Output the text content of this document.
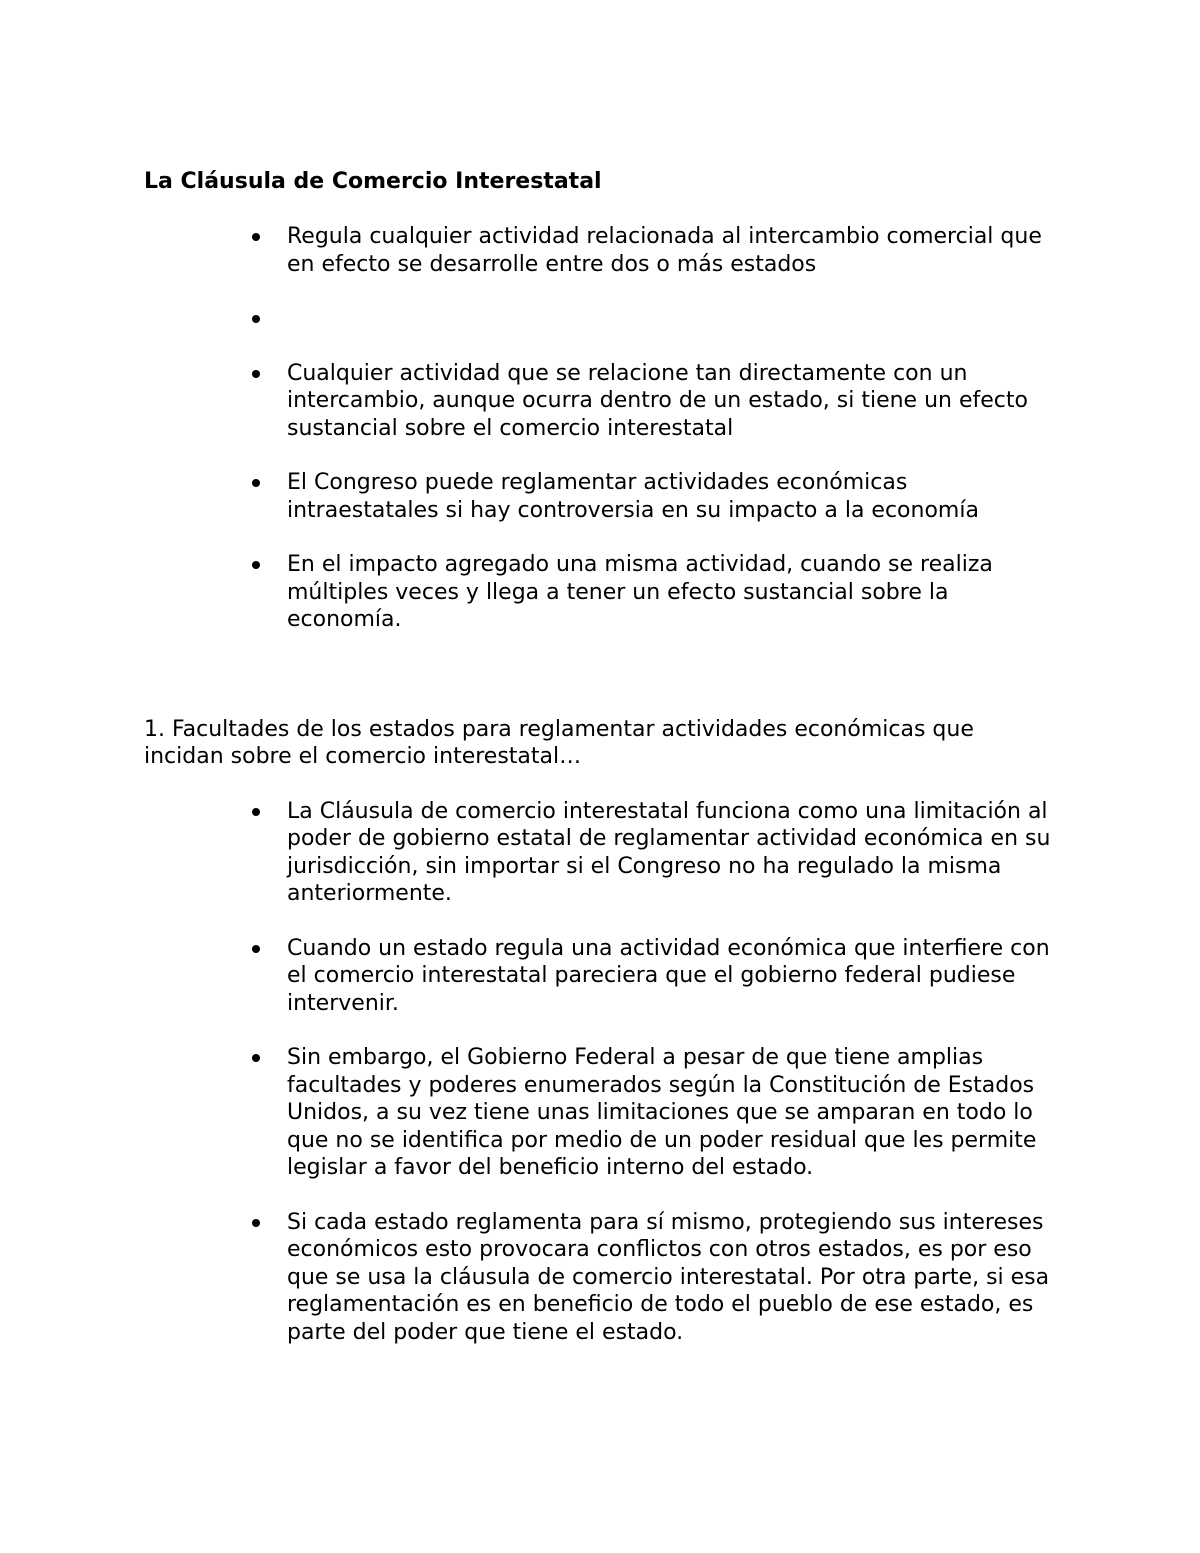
La Cláusula de Comercio Interestatal
Regula cualquier actividad relacionada al intercambio comercial que en efecto se desarrolle entre dos o más estados
Cualquier actividad que se relacione tan directamente con un intercambio, aunque ocurra dentro de un estado, si tiene un efecto sustancial sobre el comercio interestatal
El Congreso puede reglamentar actividades económicas intraestatales si hay controversia en su impacto a la economía
En el impacto agregado una misma actividad, cuando se realiza múltiples veces y llega a tener un efecto sustancial sobre la economía.

1. Facultades de los estados para reglamentar actividades económicas que incidan sobre el comercio interestatal…

La Cláusula de comercio interestatal funciona como una limitación al poder de gobierno estatal de reglamentar actividad económica en su jurisdicción, sin importar si el Congreso no ha regulado la misma anteriormente.
Cuando un estado regula una actividad económica que interfiere con el comercio interestatal pareciera que el gobierno federal pudiese intervenir.
Sin embargo, el Gobierno Federal a pesar de que tiene amplias facultades y poderes enumerados según la Constitución de Estados Unidos, a su vez tiene unas limitaciones que se amparan en todo lo que no se identifica por medio de un poder residual que les permite legislar a favor del beneficio interno del estado.
Si cada estado reglamenta para sí mismo, protegiendo sus intereses económicos esto provocara conflictos con otros estados, es por eso que se usa la cláusula de comercio interestatal. Por otra parte, si esa reglamentación es en beneficio de todo el pueblo de ese estado, es parte del poder que tiene el estado.
